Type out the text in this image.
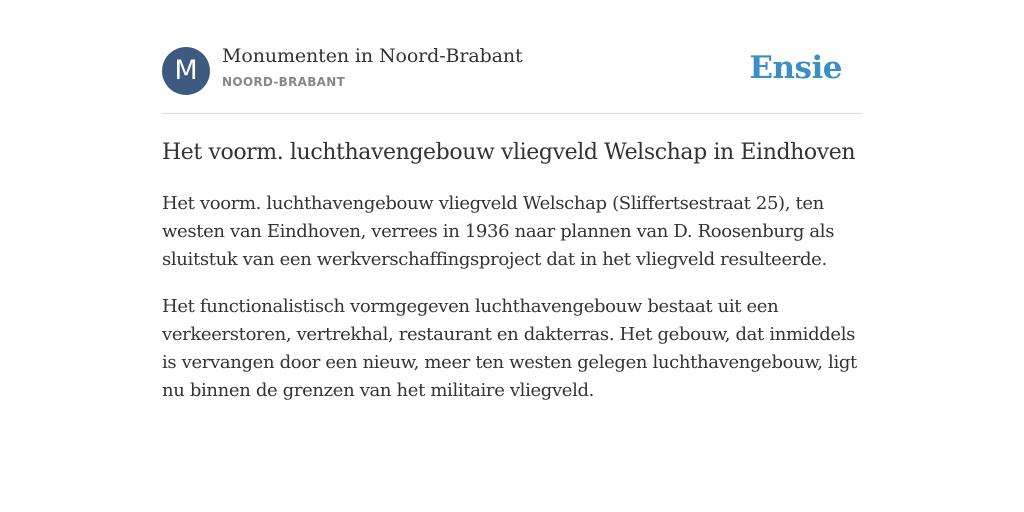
M	Monumenten in Noord-Brabant
NOORD-BRABANT	Ensie
Het voorm. luchthavengebouw vliegveld Welschap in Eindhoven

Het voorm. luchthavengebouw vliegveld Welschap (Sliffertsestraat 25), ten westen van Eindhoven, verrees in 1936 naar plannen van D. Roosenburg als sluitstuk van een werkverschaffingsproject dat in het vliegveld resulteerde.

Het functionalistisch vormgegeven luchthavengebouw bestaat uit een verkeerstoren, vertrekhal, restaurant en dakterras. Het gebouw, dat inmiddels is vervangen door een nieuw, meer ten westen gelegen luchthavengebouw, ligt nu binnen de grenzen van het militaire vliegveld.
